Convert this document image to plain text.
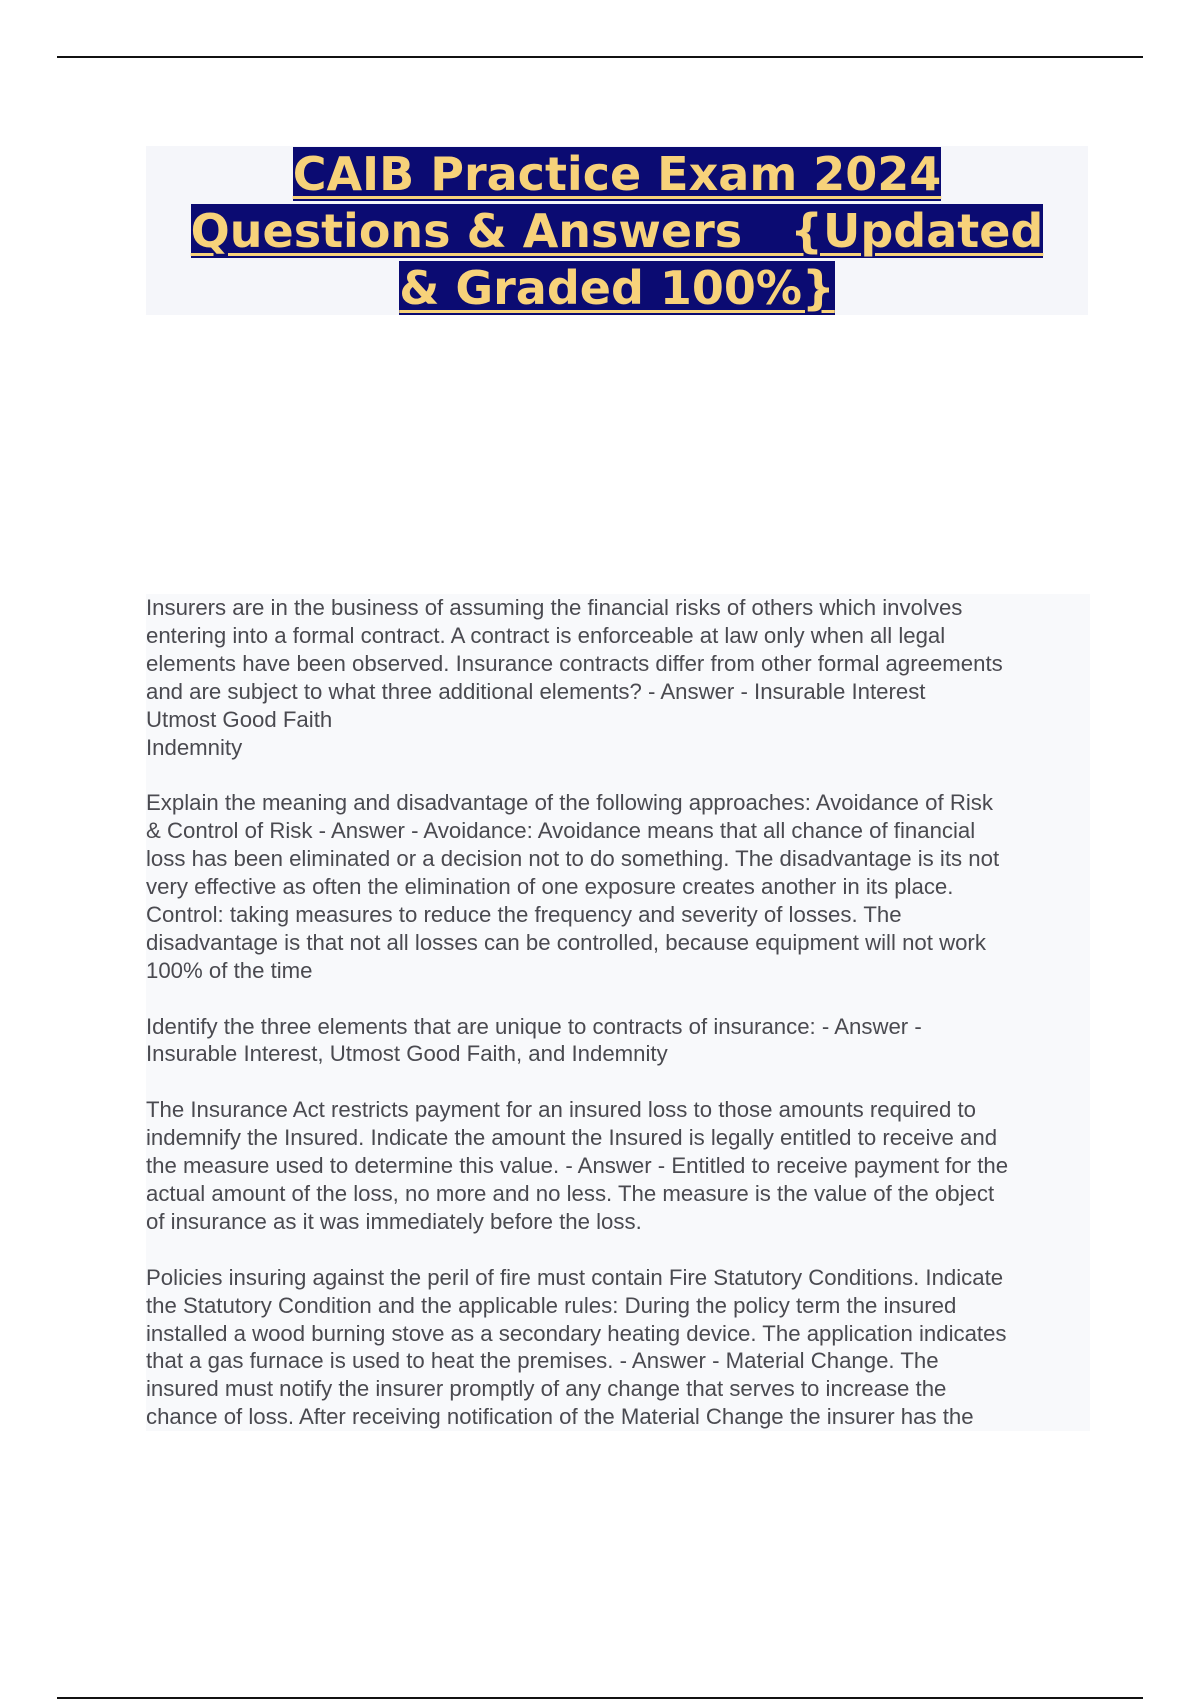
CAIB Practice Exam 2024
Questions & Answers   {Updated
& Graded 100%}

Insurers are in the business of assuming the financial risks of others which involves
entering into a formal contract. A contract is enforceable at law only when all legal
elements have been observed. Insurance contracts differ from other formal agreements
and are subject to what three additional elements? - Answer - Insurable Interest
Utmost Good Faith
Indemnity

Explain the meaning and disadvantage of the following approaches: Avoidance of Risk
& Control of Risk - Answer - Avoidance: Avoidance means that all chance of financial
loss has been eliminated or a decision not to do something. The disadvantage is its not
very effective as often the elimination of one exposure creates another in its place.
Control: taking measures to reduce the frequency and severity of losses. The
disadvantage is that not all losses can be controlled, because equipment will not work
100% of the time

Identify the three elements that are unique to contracts of insurance: - Answer -
Insurable Interest, Utmost Good Faith, and Indemnity

The Insurance Act restricts payment for an insured loss to those amounts required to
indemnify the Insured. Indicate the amount the Insured is legally entitled to receive and
the measure used to determine this value. - Answer - Entitled to receive payment for the
actual amount of the loss, no more and no less. The measure is the value of the object
of insurance as it was immediately before the loss.

Policies insuring against the peril of fire must contain Fire Statutory Conditions. Indicate
the Statutory Condition and the applicable rules: During the policy term the insured
installed a wood burning stove as a secondary heating device. The application indicates
that a gas furnace is used to heat the premises. - Answer - Material Change. The
insured must notify the insurer promptly of any change that serves to increase the
chance of loss. After receiving notification of the Material Change the insurer has the
